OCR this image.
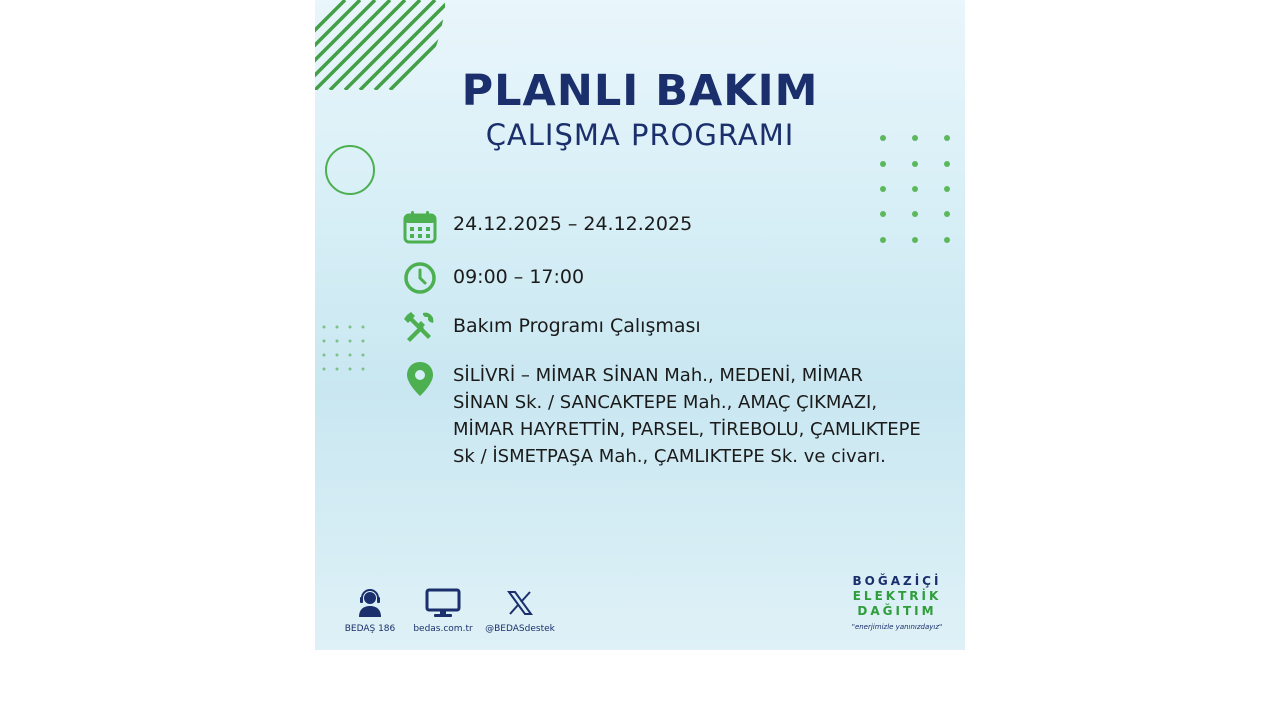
PLANLI BAKIM
ÇALIŞMA PROGRAMI
24.12.2025 – 24.12.2025
09:00 – 17:00
Bakım Programı Çalışması
SİLİVRİ – MİMAR SİNAN Mah., MEDENİ, MİMAR
SİNAN Sk. / SANCAKTEPE Mah., AMAÇ ÇIKMAZI,
MİMAR HAYRETTİN, PARSEL, TİREBOLU, ÇAMLIKTEPE
Sk / İSMETPAŞA Mah., ÇAMLIKTEPE Sk. ve civarı.
BEDAŞ 186	bedas.com.tr	@BEDASdestek
BOĞAZİÇİ
ELEKTRİK
DAĞITIM
"enerjimizle yanınızdayız"
